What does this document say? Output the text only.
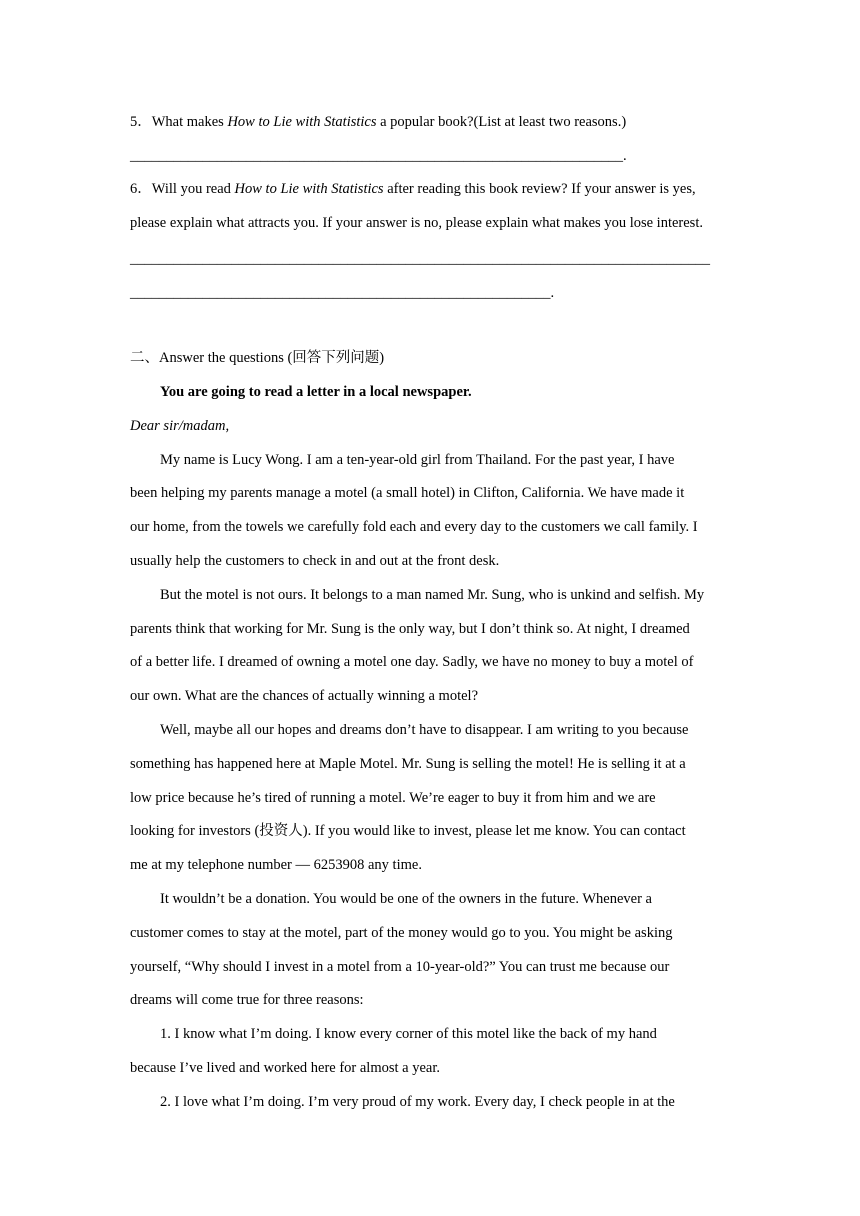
5．What makes How to Lie with Statistics a popular book?(List at least two reasons.)
____________________________________________________________________.
6．Will you read How to Lie with Statistics after reading this book review? If your answer is yes,
please explain what attracts you. If your answer is no, please explain what makes you lose interest.
________________________________________________________________________________
__________________________________________________________.
二、Answer the questions (回答下列问题)
You are going to read a letter in a local newspaper.
Dear sir/madam,
My name is Lucy Wong. I am a ten-year-old girl from Thailand. For the past year, I have
been helping my parents manage a motel (a small hotel) in Clifton, California. We have made it
our home, from the towels we carefully fold each and every day to the customers we call family. I
usually help the customers to check in and out at the front desk.
But the motel is not ours. It belongs to a man named Mr. Sung, who is unkind and selfish. My
parents think that working for Mr. Sung is the only way, but I don’t think so. At night, I dreamed
of a better life. I dreamed of owning a motel one day. Sadly, we have no money to buy a motel of
our own. What are the chances of actually winning a motel?
Well, maybe all our hopes and dreams don’t have to disappear. I am writing to you because
something has happened here at Maple Motel. Mr. Sung is selling the motel! He is selling it at a
low price because he’s tired of running a motel. We’re eager to buy it from him and we are
looking for investors (投资人). If you would like to invest, please let me know. You can contact
me at my telephone number — 6253908 any time.
It wouldn’t be a donation. You would be one of the owners in the future. Whenever a
customer comes to stay at the motel, part of the money would go to you. You might be asking
yourself, “Why should I invest in a motel from a 10-year-old?” You can trust me because our
dreams will come true for three reasons:
1. I know what I’m doing. I know every corner of this motel like the back of my hand
because I’ve lived and worked here for almost a year.
2. I love what I’m doing. I’m very proud of my work. Every day, I check people in at the
